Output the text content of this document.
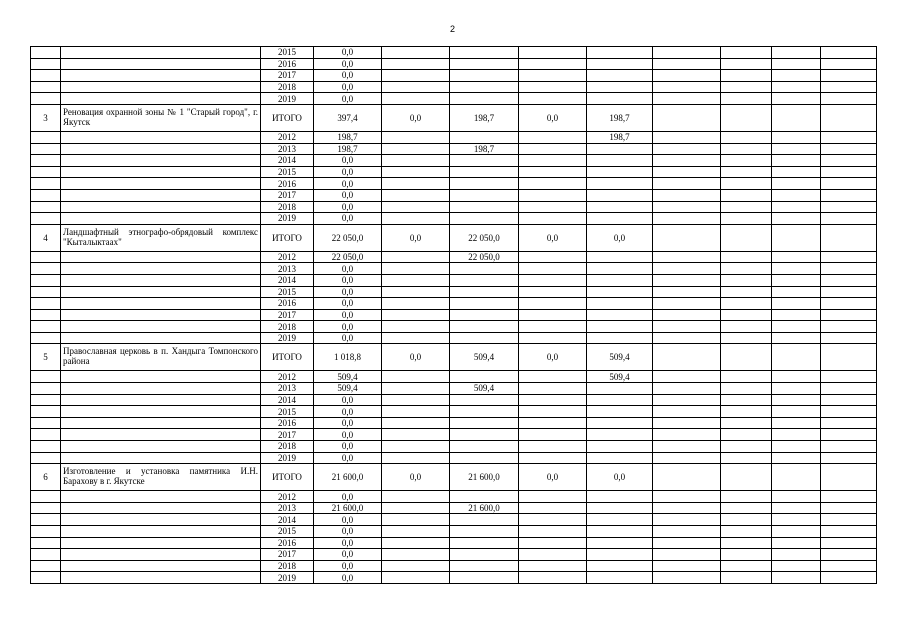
2
		2015	0,0								
		2016	0,0								
		2017	0,0								
		2018	0,0								
		2019	0,0								
3	Реновация охранной зоны № 1 "Старый город", г. Якутск	ИТОГО	397,4	0,0	198,7	0,0	198,7				
		2012	198,7				198,7				
		2013	198,7		198,7						
		2014	0,0								
		2015	0,0								
		2016	0,0								
		2017	0,0								
		2018	0,0								
		2019	0,0								
4	Ландшафтный этнографо-обрядовый комплекс "Кыталыктаах"	ИТОГО	22 050,0	0,0	22 050,0	0,0	0,0				
		2012	22 050,0		22 050,0						
		2013	0,0								
		2014	0,0								
		2015	0,0								
		2016	0,0								
		2017	0,0								
		2018	0,0								
		2019	0,0								
5	Православная церковь в п. Хандыга Томпонского района	ИТОГО	1 018,8	0,0	509,4	0,0	509,4				
		2012	509,4				509,4				
		2013	509,4		509,4						
		2014	0,0								
		2015	0,0								
		2016	0,0								
		2017	0,0								
		2018	0,0								
		2019	0,0								
6	Изготовление и установка памятника И.Н. Барахову в г. Якутске	ИТОГО	21 600,0	0,0	21 600,0	0,0	0,0				
		2012	0,0								
		2013	21 600,0		21 600,0						
		2014	0,0								
		2015	0,0								
		2016	0,0								
		2017	0,0								
		2018	0,0								
		2019	0,0								
